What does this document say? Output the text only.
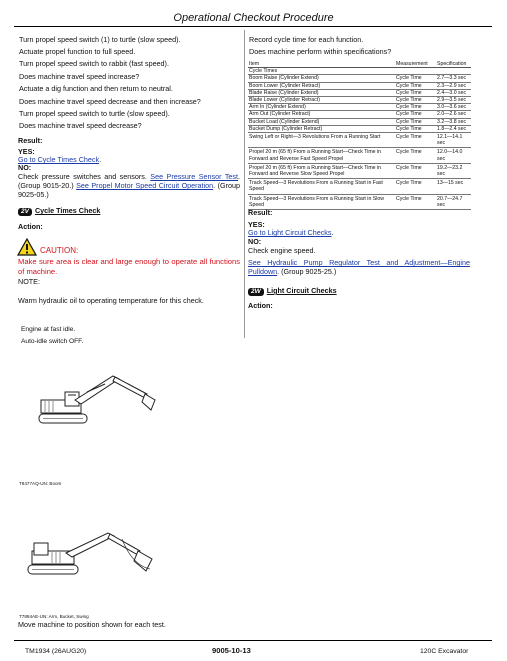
Operational Checkout Procedure
Turn propel speed switch (1) to turtle (slow speed).
Actuate propel function to full speed.
Turn propel speed switch to rabbit (fast speed).
Does machine travel speed increase?
Actuate a dig function and then return to neutral.
Does machine travel speed decrease and then increase?
Turn propel speed switch to turtle (slow speed).
Does machine travel speed decrease?
Result:
YES:
Go to Cycle Times Check.
NO:
Check pressure switches and sensors. See Pressure Sensor Test. (Group 9015-20.) See Propel Motor Speed Circuit Operation. (Group 9025-05.)
2V Cycle Times Check
Action:
CAUTION:
Make sure area is clear and large enough to operate all functions of machine.
NOTE:
Warm hydraulic oil to operating temperature for this check.
Engine at fast idle.
Auto-idle switch OFF.
T8477AQ-UN: Boom
T7894AE-UN: Arm, Bucket, Swing
Move machine to position shown for each test.
Record cycle time for each function.
Does machine perform within specifications?
Item	Measurement	Specification
Cycle Times		
Boom Raise (Cylinder Extend)	Cycle Time	2.7—3.3 sec
Boom Lower (Cylinder Retract)	Cycle Time	2.3—2.9 sec
Blade Raise (Cylinder Extend)	Cycle Time	2.4—3.0 sec
Blade Lower (Cylinder Retract)	Cycle Time	2.9—3.5 sec
Arm In (Cylinder Extend)	Cycle Time	3.0—3.6 sec
Arm Out (Cylinder Retract)	Cycle Time	2.0—2.6 sec
Bucket Load (Cylinder Extend)	Cycle Time	3.2—3.8 sec
Bucket Dump (Cylinder Retract)	Cycle Time	1.8—2.4 sec
Swing Left or Right—3 Revolutions From a Running Start	Cycle Time	12.1—14.1 sec
Propel 20 m (65 ft) From a Running Start—Check Time in Forward and Reverse Fast Speed Propel	Cycle Time	12.0—14.0 sec
Propel 20 m (65 ft) From a Running Start—Check Time in Forward and Reverse Slow Speed Propel	Cycle Time	19.2—23.2 sec
Track Speed—3 Revolutions From a Running Start in Fast Speed	Cycle Time	13—15 sec
Track Speed—3 Revolutions From a Running Start in Slow Speed	Cycle Time	20.7—24.7 sec
Result:
YES:
Go to Light Circuit Checks.
NO:
Check engine speed.
See Hydraulic Pump Regulator Test and Adjustment—Engine Pulldown. (Group 9025-25.)
2W Light Circuit Checks
Action:
TM1934 (26AUG20)	9005-10-13	120C Excavator
